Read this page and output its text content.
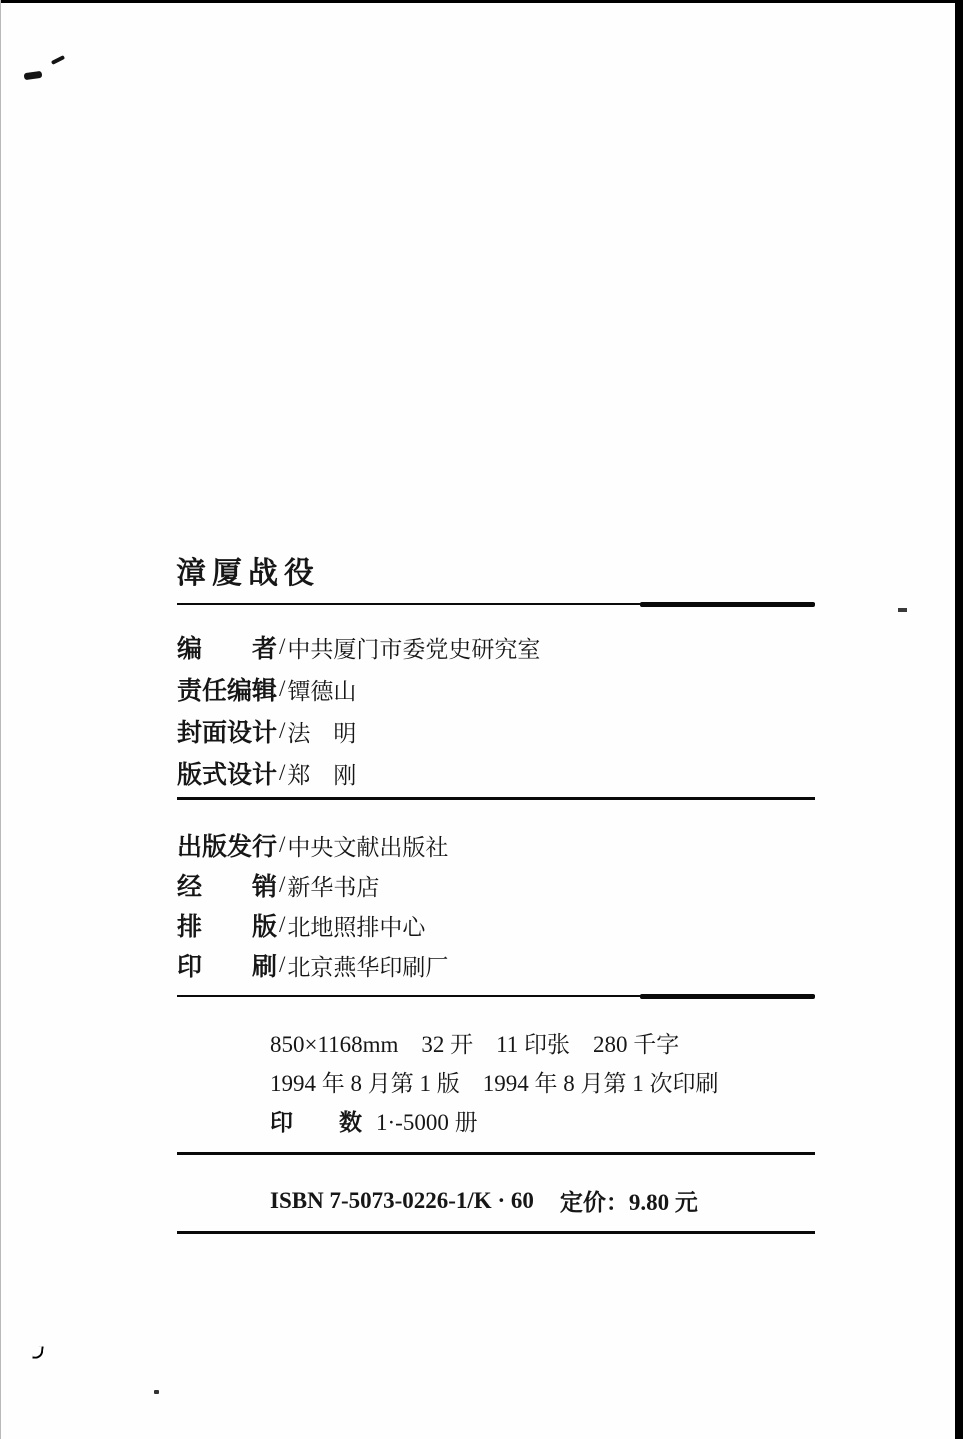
漳厦战役
编　　者 / 中共厦门市委党史研究室
责任编辑 / 镡德山
封面设计 / 法　明
版式设计 / 郑　刚
出版发行 / 中央文献出版社
经　　销 / 新华书店
排　　版 / 北地照排中心
印　　刷 / 北京燕华印刷厂
850×1168mm　32 开　11 印张　280 千字
1994 年 8 月第 1 版　1994 年 8 月第 1 次印刷
印　　数 1·-5000 册
ISBN 7-5073-0226-1/K · 60 定价：9.80 元
